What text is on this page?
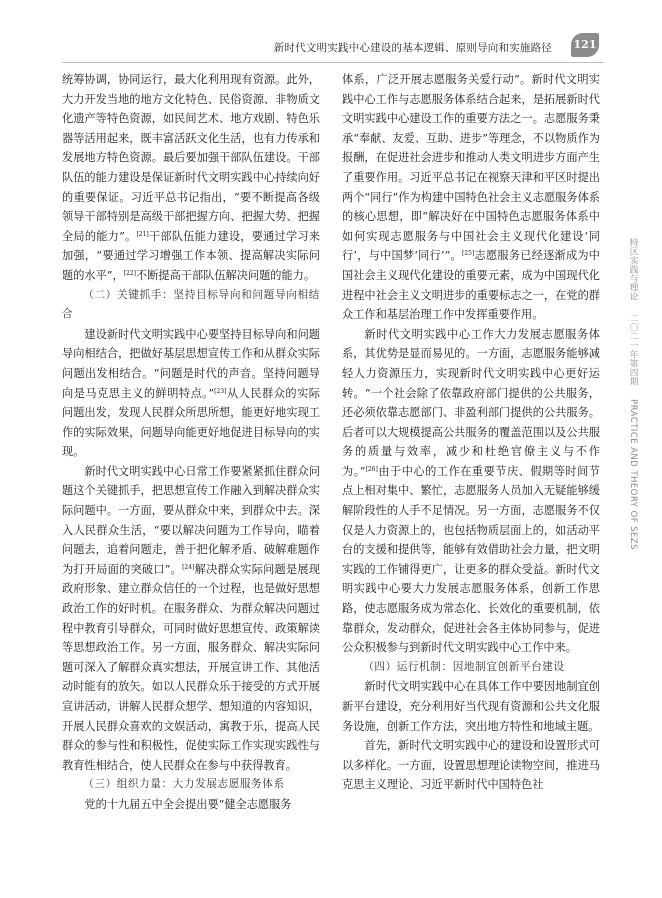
新时代文明实践中心建设的基本逻辑、原则导向和实施路径 121

统筹协调，协同运行，最大化利用现有资源。此外，大力开发当地的地方文化特色、民俗资源、非物质文化遗产等特色资源，如民间艺术、地方戏剧、特色乐器等活用起来，既丰富活跃文化生活，也有力传承和发展地方特色资源。最后要加强干部队伍建设。干部队伍的能力建设是保证新时代文明实践中心持续向好的重要保证。习近平总书记指出，“要不断提高各级领导干部特别是高级干部把握方向、把握大势、把握全局的能力”。[21]干部队伍能力建设，要通过学习来加强，“要通过学习增强工作本领、提高解决实际问题的水平”，[22]不断提高干部队伍解决问题的能力。

（二）关键抓手：坚持目标导向和问题导向相结合

建设新时代文明实践中心要坚持目标导向和问题导向相结合，把做好基层思想宣传工作和从群众实际问题出发相结合。“问题是时代的声音。坚持问题导向是马克思主义的鲜明特点。”[23]从人民群众的实际问题出发，发现人民群众所思所想，能更好地实现工作的实际效果，问题导向能更好地促进目标导向的实现。

新时代文明实践中心日常工作要紧紧抓住群众问题这个关键抓手，把思想宣传工作融入到解决群众实际问题中。一方面，要从群众中来，到群众中去。深入人民群众生活，“要以解决问题为工作导向，瞄着问题去，追着问题走，善于把化解矛盾、破解难题作为打开局面的突破口”。[24]解决群众实际问题是展现政府形象、建立群众信任的一个过程，也是做好思想政治工作的好时机。在服务群众、为群众解决问题过程中教育引导群众，可同时做好思想宣传、政策解读等思想政治工作。另一方面，服务群众、解决实际问题可深入了解群众真实想法，开展宣讲工作、其他活动时能有的放矢。如以人民群众乐于接受的方式开展宣讲活动，讲解人民群众想学、想知道的内容知识，开展人民群众喜欢的文娱活动，寓教于乐，提高人民群众的参与性和积极性，促使实际工作实现实践性与教育性相结合，使人民群众在参与中获得教育。

（三）组织力量：大力发展志愿服务体系

党的十九届五中全会提出要“健全志愿服务

体系，广泛开展志愿服务关爱行动”。新时代文明实践中心工作与志愿服务体系结合起来，是拓展新时代文明实践中心建设工作的重要方法之一。志愿服务秉承“奉献、友爱、互助、进步”等理念，不以物质作为报酬，在促进社会进步和推动人类文明进步方面产生了重要作用。习近平总书记在视察天津和平区时提出两个“同行”作为构建中国特色社会主义志愿服务体系的核心思想，即“解决好在中国特色志愿服务体系中如何实现志愿服务与中国社会主义现代化建设‘同行’，与中国梦‘同行’”。[25]志愿服务已经逐渐成为中国社会主义现代化建设的重要元素，成为中国现代化进程中社会主义文明进步的重要标志之一，在党的群众工作和基层治理工作中发挥重要作用。

新时代文明实践中心工作大力发展志愿服务体系，其优势是显而易见的。一方面，志愿服务能够减轻人力资源压力，实现新时代文明实践中心更好运转。“一个社会除了依靠政府部门提供的公共服务，还必须依靠志愿部门、非盈利部门提供的公共服务。后者可以大规模提高公共服务的覆盖范围以及公共服务的质量与效率，减少和杜绝官僚主义与不作为。”[26]由于中心的工作在重要节庆、假期等时间节点上相对集中、繁忙，志愿服务人员加入无疑能够缓解阶段性的人手不足情况。另一方面，志愿服务不仅仅是人力资源上的，也包括物质层面上的，如活动平台的支援和提供等，能够有效借助社会力量，把文明实践的工作铺得更广，让更多的群众受益。新时代文明实践中心要大力发展志愿服务体系，创新工作思路，使志愿服务成为常态化、长效化的重要机制，依靠群众，发动群众，促进社会各主体协同参与，促进公众积极参与到新时代文明实践中心工作中来。

（四）运行机制：因地制宜创新平台建设

新时代文明实践中心在具体工作中要因地制宜创新平台建设，充分利用好当代现有资源和公共文化服务设施，创新工作方法，突出地方特性和地域主题。

首先，新时代文明实践中心的建设和设置形式可以多样化。一方面，设置思想理论读物空间，推进马克思主义理论、习近平新时代中国特色社

特区实践与理论 二〇二一年第四期 PRACTICE AND THEORY OF SEZS
